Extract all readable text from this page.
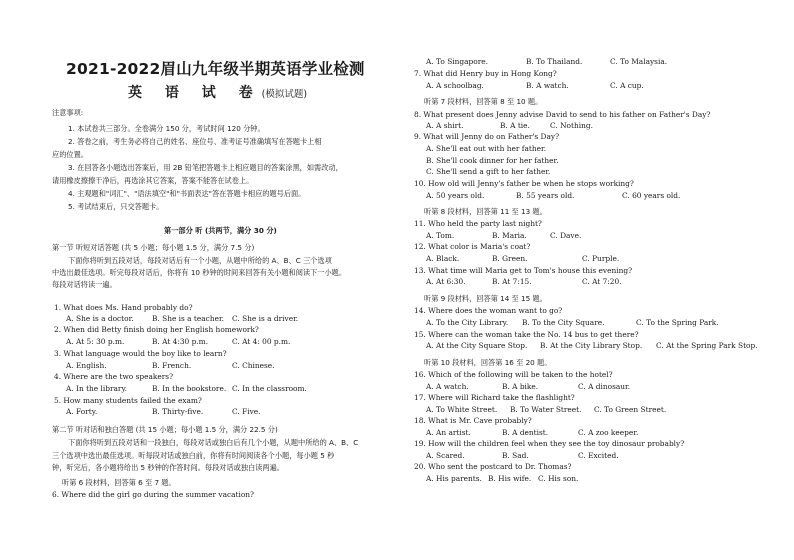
2021-2022眉山九年级半期英语学业检测
英 语 试 卷(模拟试题)
注意事项:
1. 本试卷共三部分。全卷满分 150 分，考试时间 120 分钟。
2. 答卷之前，考生务必将自己的姓名、座位号、准考证号准确填写在答题卡上相
应的位置。
3. 在回答各小题选出答案后，用 2B 铅笔把答题卡上相应题目的答案涂黑，如需改动，
请用橡皮擦擦干净后，再选涂其它答案，答案不能答在试卷上。
4. 主观题和"词汇"、"语法填空"和"书面表达"答在答题卡相应的题号后面。
5. 考试结束后，只交答题卡。
第一部分 听 (共两节，满分 30 分)
第一节 听短对话答题 (共 5 小题；每小题 1.5 分，满分 7.5 分)
下面你将听到五段对话，每段对话后有一个小题，从题中所给的 A、B、C 三个选项
中选出最佳选项。听完每段对话后，你将有 10 秒钟的时间来回答有关小题和阅读下一小题。
每段对话将读一遍。
1. What does Ms. Hand probably do?
A. She is a doctor. B. She is a teacher. C. She is a driver.
2. When did Betty finish doing her English homework?
A. At 5: 30 p.m.	B. At 4:30 p.m.	C. At 4: 00 p.m.
3. What language would the boy like to learn?
A. English.	B. French.	C. Chinese.
4. Where are the two speakers?
A. In the library.	B. In the bookstore. C. In the classroom.
5. How many students failed the exam?
A. Forty.	B. Thirty-five.	C. Five.
第二节 听对话和独白答题 (共 15 小题；每小题 1.5 分，满分 22.5 分)
下面你将听到五段对话和一段独白，每段对话或独白后有几个小题，从题中所给的 A、B、C
三个选项中选出最佳选项。听每段对话或独白前，你将有时间阅读各个小题，每小题 5 秒
钟，听完后，各小题将给出 5 秒钟的作答时间。每段对话或独白读两遍。
听第 6 段材料，回答第 6 至 7 题。
6. Where did the girl go during the summer vacation?
A. To Singapore.	B. To Thailand.	C. To Malaysia.
7. What did Henry buy in Hong Kong?
A. A schoolbag.	B. A watch.	C. A cup.
听第 7 段材料，回答第 8 至 10 题。
8. What present does Jenny advise David to send to his father on Father's Day?
A. A shirt.	B. A tie.	C. Nothing.
9. What will Jenny do on Father's Day?
A. She'll eat out with her father.
B. She'll cook dinner for her father.
C. She'll send a gift to her father.
10. How old will Jenny's father be when he stops working?
A. 50 years old.	B. 55 years old.	C. 60 years old.
听第 8 段材料，回答第 11 至 13 题。
11. Who held the party last night?
A. Tom.	B. Maria.	C. Dave.
12. What color is Maria's coat?
A. Black.	B. Green.	C. Purple.
13. What time will Maria get to Tom's house this evening?
A. At 6:30.	B. At 7:15.	C. At 7:20.
听第 9 段材料，回答第 14 至 15 题。
14. Where does the woman want to go?
A. To the City Library. B. To the City Square.	C. To the Spring Park.
15. Where can the woman take the No. 14 bus to get there?
A. At the City Square Stop. B. At the City Library Stop. C. At the Spring Park Stop.
听第 10 段材料，回答第 16 至 20 题。
16. Which of the following will be taken to the hotel?
A. A watch.	B. A bike.	C. A dinosaur.
17. Where will Richard take the flashlight?
A. To White Street. B. To Water Street. C. To Green Street.
18. What is Mr. Cave probably?
A. An artist.	B. A dentist.	C. A zoo keeper.
19. How will the children feel when they see the toy dinosaur probably?
A. Scared.	B. Sad.	C. Excited.
20. Who sent the postcard to Dr. Thomas?
A. His parents. B. His wife. C. His son.
